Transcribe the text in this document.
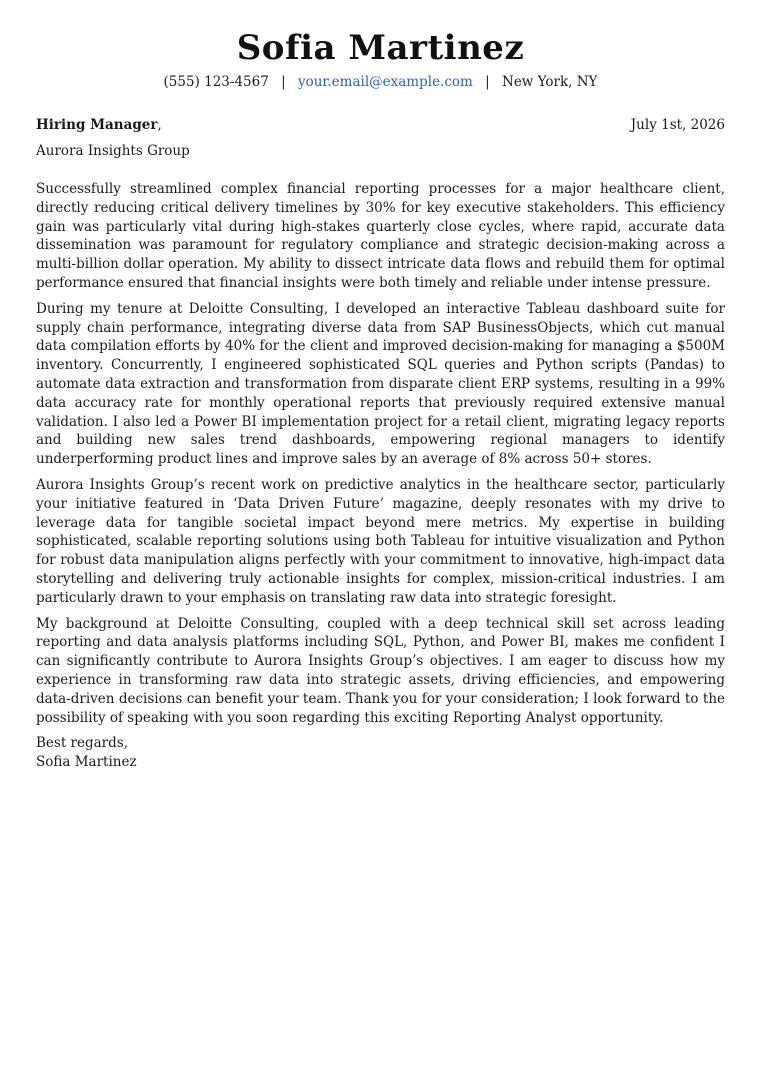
Sofia Martinez
(555) 123-4567 | your.email@example.com | New York, NY
Hiring Manager,	July 1st, 2026
Aurora Insights Group

Successfully streamlined complex financial reporting processes for a major healthcare client, directly reducing critical delivery timelines by 30% for key executive stakeholders. This efficiency gain was particularly vital during high-stakes quarterly close cycles, where rapid, accurate data dissemination was paramount for regulatory compliance and strategic decision-making across a multi-billion dollar operation. My ability to dissect intricate data flows and rebuild them for optimal performance ensured that financial insights were both timely and reliable under intense pressure.

During my tenure at Deloitte Consulting, I developed an interactive Tableau dashboard suite for supply chain performance, integrating diverse data from SAP BusinessObjects, which cut manual data compilation efforts by 40% for the client and improved decision-making for managing a $500M inventory. Concurrently, I engineered sophisticated SQL queries and Python scripts (Pandas) to automate data extraction and transformation from disparate client ERP systems, resulting in a 99% data accuracy rate for monthly operational reports that previously required extensive manual validation. I also led a Power BI implementation project for a retail client, migrating legacy reports and building new sales trend dashboards, empowering regional managers to identify underperforming product lines and improve sales by an average of 8% across 50+ stores.

Aurora Insights Group’s recent work on predictive analytics in the healthcare sector, particularly your initiative featured in ‘Data Driven Future’ magazine, deeply resonates with my drive to leverage data for tangible societal impact beyond mere metrics. My expertise in building sophisticated, scalable reporting solutions using both Tableau for intuitive visualization and Python for robust data manipulation aligns perfectly with your commitment to innovative, high-impact data storytelling and delivering truly actionable insights for complex, mission-critical industries. I am particularly drawn to your emphasis on translating raw data into strategic foresight.

My background at Deloitte Consulting, coupled with a deep technical skill set across leading reporting and data analysis platforms including SQL, Python, and Power BI, makes me confident I can significantly contribute to Aurora Insights Group’s objectives. I am eager to discuss how my experience in transforming raw data into strategic assets, driving efficiencies, and empowering data-driven decisions can benefit your team. Thank you for your consideration; I look forward to the possibility of speaking with you soon regarding this exciting Reporting Analyst opportunity.

Best regards,
Sofia Martinez
